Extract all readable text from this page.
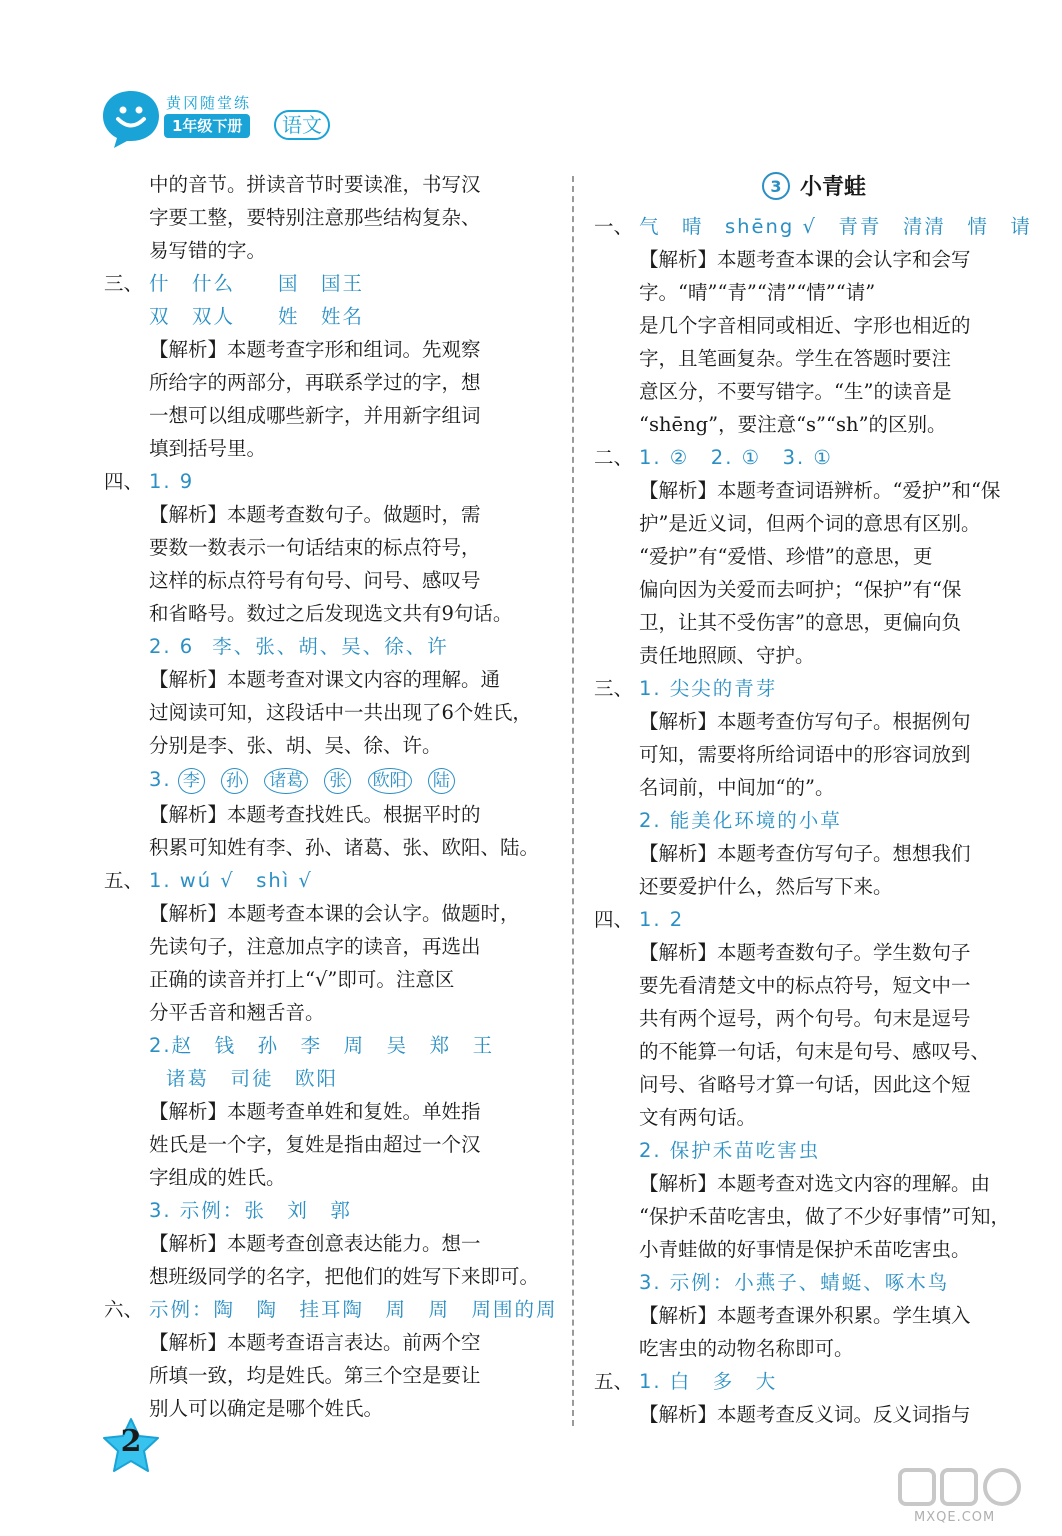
黄冈随堂练
1年级下册	语文
中的音节。拼读音节时要读准，书写汉
字要工整，要特别注意那些结构复杂、
易写错的字。
三、 什　什么　　国　国王
双　双人　　姓　姓名
【解析】本题考查字形和组词。先观察
所给字的两部分，再联系学过的字，想
一想可以组成哪些新字，并用新字组词
填到括号里。
四、 1. 9
【解析】本题考查数句子。做题时，需
要数一数表示一句话结束的标点符号，
这样的标点符号有句号、问号、感叹号
和省略号。数过之后发现选文共有9句话。
2. 6 李、张、胡、吴、徐、许
【解析】本题考查对课文内容的理解。通
过阅读可知，这段话中一共出现了6个姓氏，
分别是李、张、胡、吴、徐、许。
3. 李 孙 诸葛 张 欧阳 陆
【解析】本题考查找姓氏。根据平时的
积累可知姓有李、孙、诸葛、张、欧阳、陆。
五、 1. wú √　shì √
【解析】本题考查本课的会认字。做题时，
先读句子，注意加点字的读音，再选出
正确的读音并打上“√”即可。注意区
分平舌音和翘舌音。
2.赵　钱　孙　李　周　吴　郑　王
诸葛　司徒　欧阳
【解析】本题考查单姓和复姓。单姓指
姓氏是一个字，复姓是指由超过一个汉
字组成的姓氏。
3. 示例：张　刘　郭
【解析】本题考查创意表达能力。想一
想班级同学的名字，把他们的姓写下来即可。
六、 示例：陶　陶　挂耳陶　周　周　周围的周
【解析】本题考查语言表达。前两个空
所填一致，均是姓氏。第三个空是要让
别人可以确定是哪个姓氏。
3 小青蛙
一、 气　晴　shēng √　青青　清清　情　请
【解析】本题考查本课的会认字和会写
字。“晴”“青”“清”“情”“请”
是几个字音相同或相近、字形也相近的
字，且笔画复杂。学生在答题时要注
意区分，不要写错字。“生”的读音是
“shēng”，要注意“s”“sh”的区别。
二、 1. ②　2. ①　3. ①
【解析】本题考查词语辨析。“爱护”和“保
护”是近义词，但两个词的意思有区别。
“爱护”有“爱惜、珍惜”的意思，更
偏向因为关爱而去呵护；“保护”有“保
卫，让其不受伤害”的意思，更偏向负
责任地照顾、守护。
三、 1. 尖尖的青芽
【解析】本题考查仿写句子。根据例句
可知，需要将所给词语中的形容词放到
名词前，中间加“的”。
2. 能美化环境的小草
【解析】本题考查仿写句子。想想我们
还要爱护什么，然后写下来。
四、 1. 2
【解析】本题考查数句子。学生数句子
要先看清楚文中的标点符号，短文中一
共有两个逗号，两个句号。句末是逗号
的不能算一句话，句末是句号、感叹号、
问号、省略号才算一句话，因此这个短
文有两句话。
2. 保护禾苗吃害虫
【解析】本题考查对选文内容的理解。由
“保护禾苗吃害虫，做了不少好事情”可知，
小青蛙做的好事情是保护禾苗吃害虫。
3. 示例：小燕子、蜻蜓、啄木鸟
【解析】本题考查课外积累。学生填入
吃害虫的动物名称即可。
五、 1. 白　多　大
【解析】本题考查反义词。反义词指与
2
MXQE.COM
